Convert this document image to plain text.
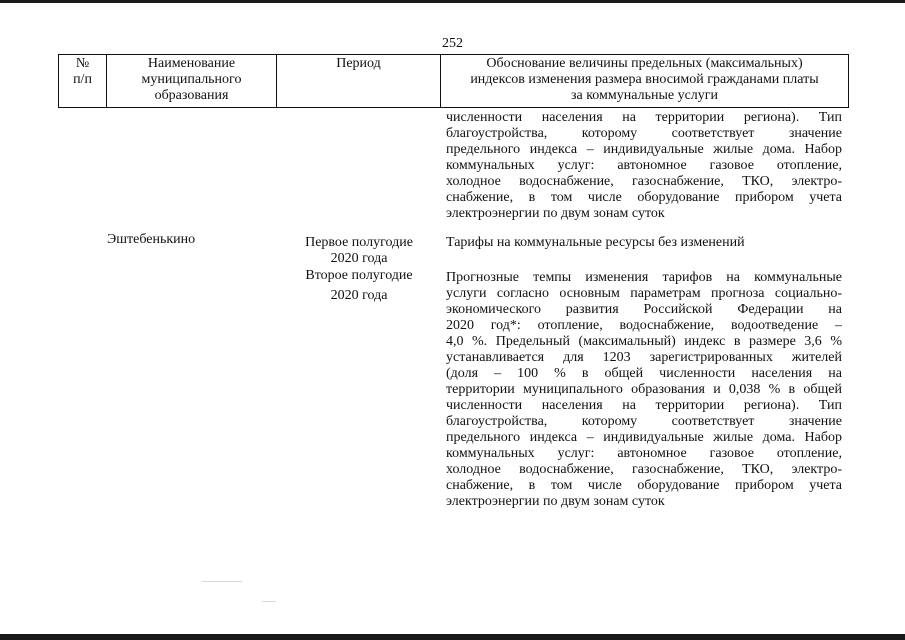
252
№
п/п
Наименование
муниципального
образования
Период	Обоснование величины предельных (максимальных)
индексов изменения размера вносимой гражданами платы
за коммунальные услуги
численности населения на территории региона). Тип
благоустройства, которому соответствует значение
предельного индекса – индивидуальные жилые дома. Набор
коммунальных услуг: автономное газовое отопление,
холодное водоснабжение, газоснабжение, ТКО, электро-
снабжение, в том числе оборудование прибором учета
электроэнергии по двум зонам суток
Эштебенькино	Первое полугодие
2020 года
Тарифы на коммунальные ресурсы без изменений
Второе полугодие
2020 года
Прогнозные темпы изменения тарифов на коммунальные
услуги согласно основным параметрам прогноза социально-
экономического развития Российской Федерации на
2020 год*: отопление, водоснабжение, водоотведение –
4,0 %. Предельный (максимальный) индекс в размере 3,6 %
устанавливается для 1203 зарегистрированных жителей
(доля – 100 % в общей численности населения на
территории муниципального образования и 0,038 % в общей
численности населения на территории региона). Тип
благоустройства, которому соответствует значение
предельного индекса – индивидуальные жилые дома. Набор
коммунальных услуг: автономное газовое отопление,
холодное водоснабжение, газоснабжение, ТКО, электро-
снабжение, в том числе оборудование прибором учета
электроэнергии по двум зонам суток
